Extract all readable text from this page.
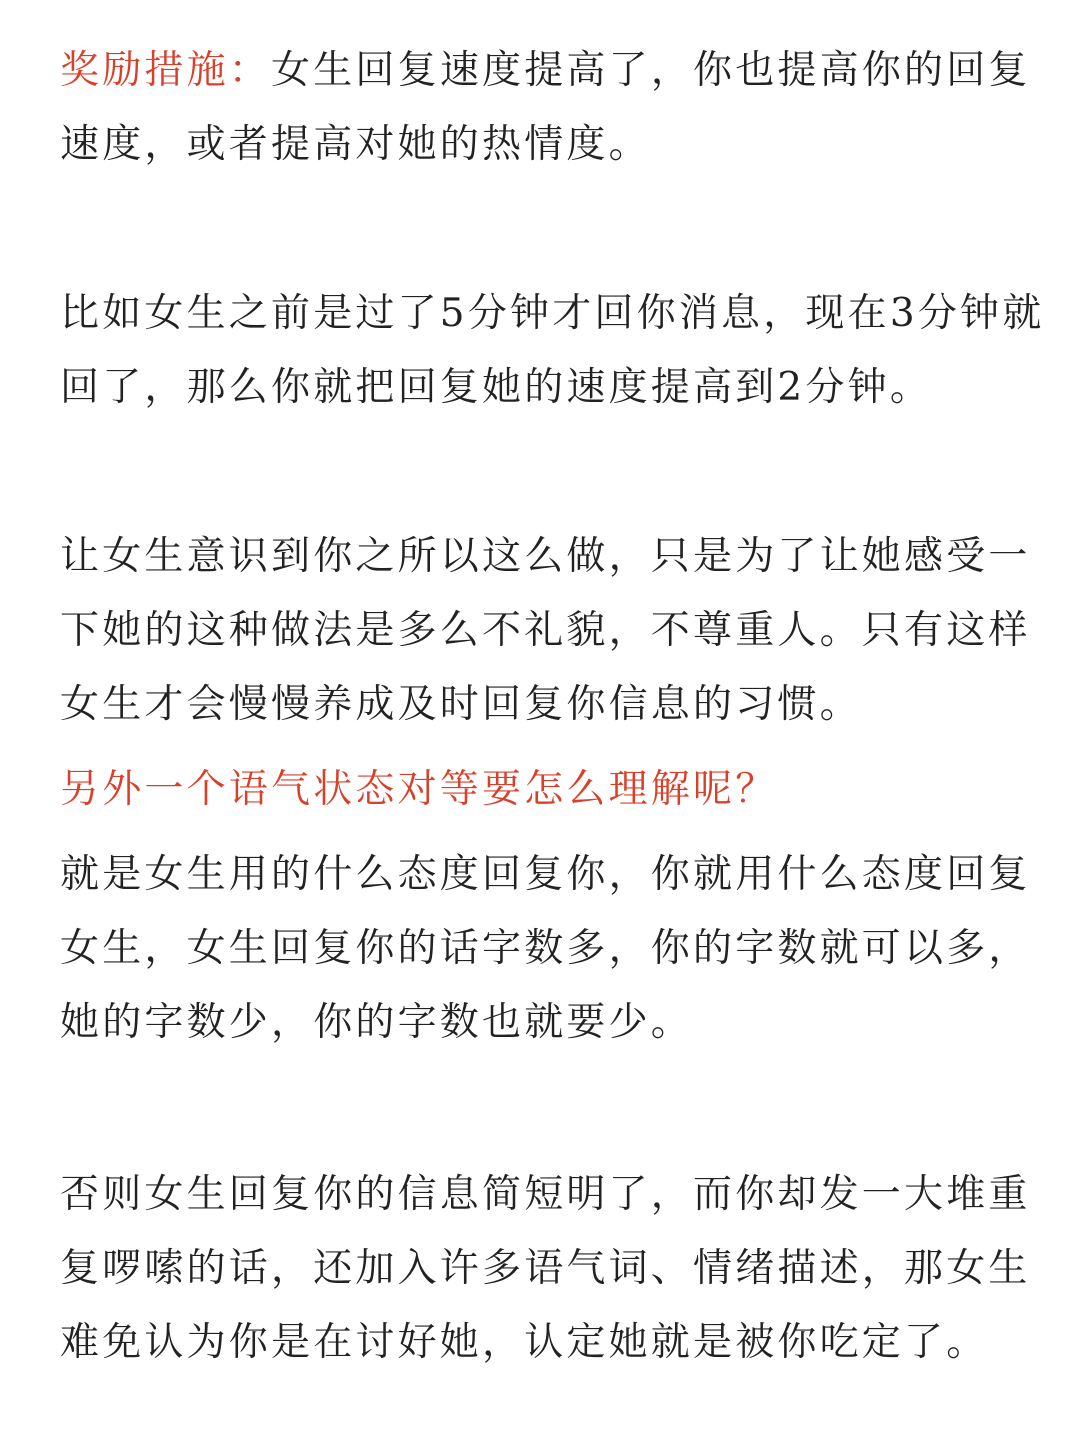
奖励措施：女生回复速度提高了，你也提高你的回复
速度，或者提高对她的热情度。
比如女生之前是过了5分钟才回你消息，现在3分钟就
回了，那么你就把回复她的速度提高到2分钟。
让女生意识到你之所以这么做，只是为了让她感受一
下她的这种做法是多么不礼貌，不尊重人。只有这样
女生才会慢慢养成及时回复你信息的习惯。
另外一个语气状态对等要怎么理解呢？
就是女生用的什么态度回复你，你就用什么态度回复
女生，女生回复你的话字数多，你的字数就可以多，
她的字数少，你的字数也就要少。
否则女生回复你的信息简短明了，而你却发一大堆重
复啰嗦的话，还加入许多语气词、情绪描述，那女生
难免认为你是在讨好她，认定她就是被你吃定了。
